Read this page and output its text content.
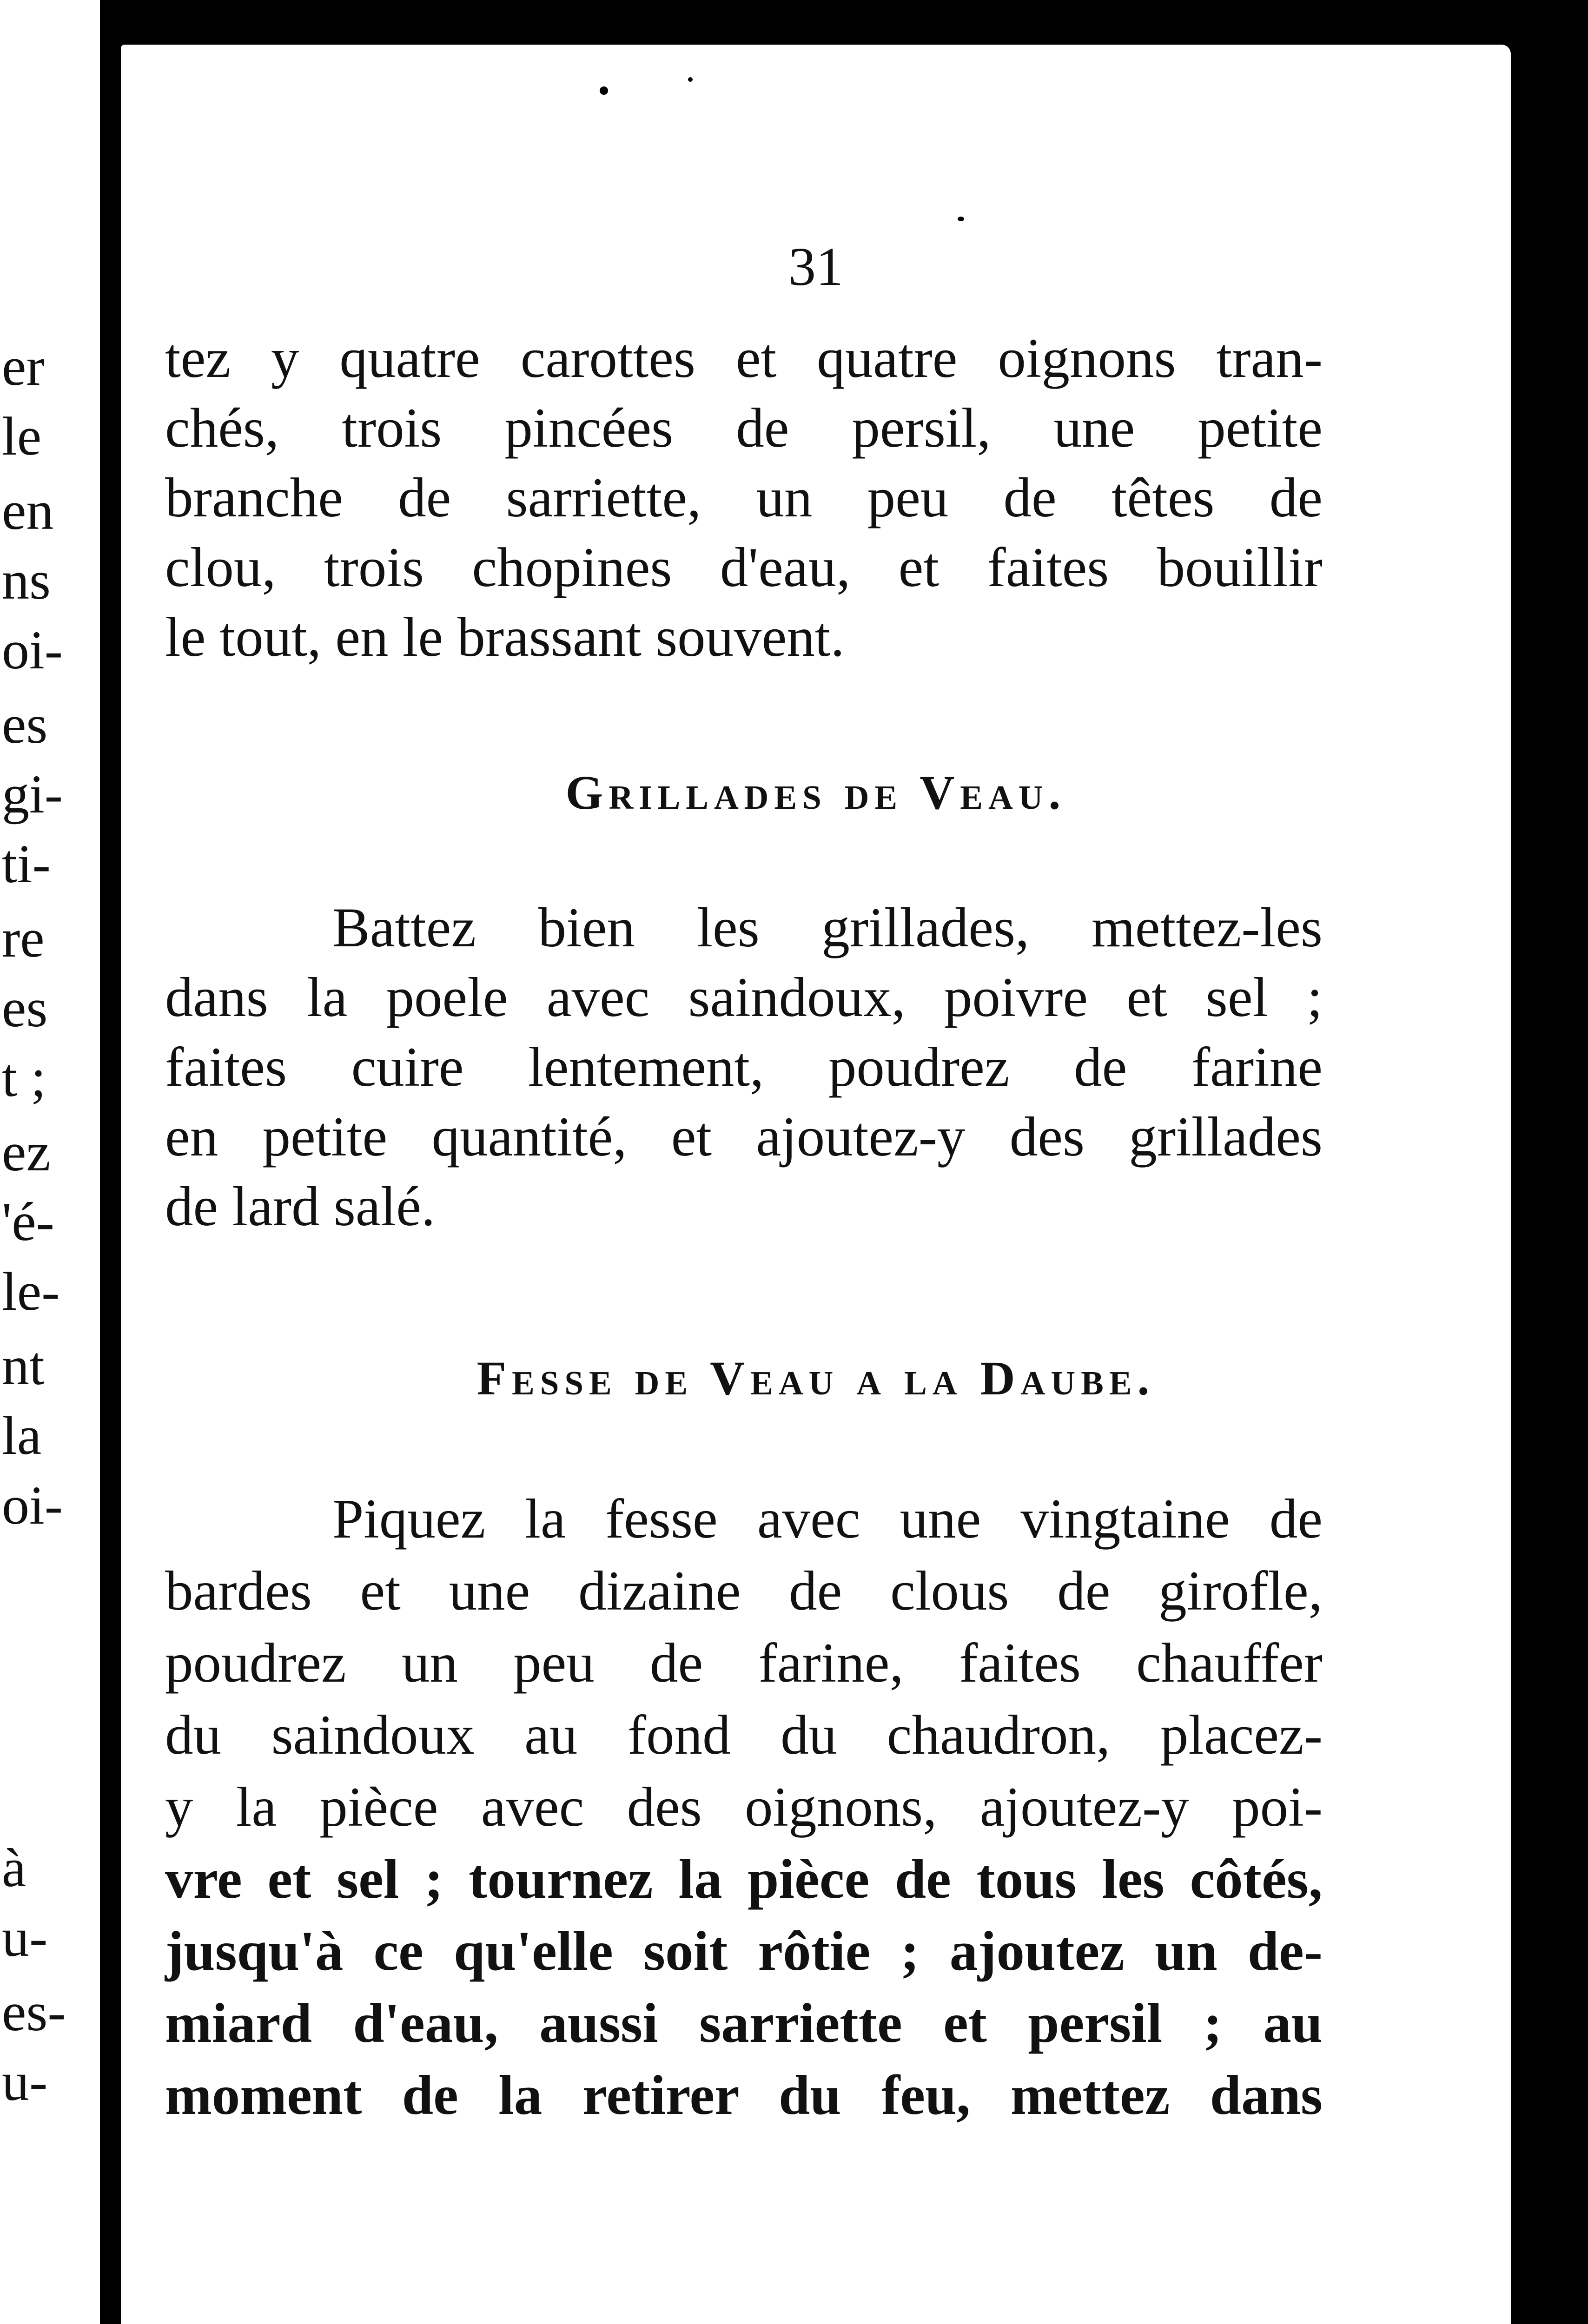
er
le
en
ns
oi-
es
gi-
ti-
re
es
t ;
ez
'é-
le-
nt
la
oi-
à
u-
es-
u-
31
tez y quatre carottes et quatre oignons tran-
chés, trois pincées de persil, une petite
branche de sarriette, un peu de têtes de
clou, trois chopines d'eau, et faites bouillir
le tout, en le brassant souvent.
Grillades de Veau.
Battez bien les grillades, mettez-les
dans la poele avec saindoux, poivre et sel ;
faites cuire lentement, poudrez de farine
en petite quantité, et ajoutez-y des grillades
de lard salé.
Fesse de Veau a la Daube.
Piquez la fesse avec une vingtaine de
bardes et une dizaine de clous de girofle,
poudrez un peu de farine, faites chauffer
du saindoux au fond du chaudron, placez-
y la pièce avec des oignons, ajoutez-y poi-
vre et sel ; tournez la pièce de tous les côtés,
jusqu'à ce qu'elle soit rôtie ; ajoutez un de-
miard d'eau, aussi sarriette et persil ; au
moment de la retirer du feu, mettez dans
